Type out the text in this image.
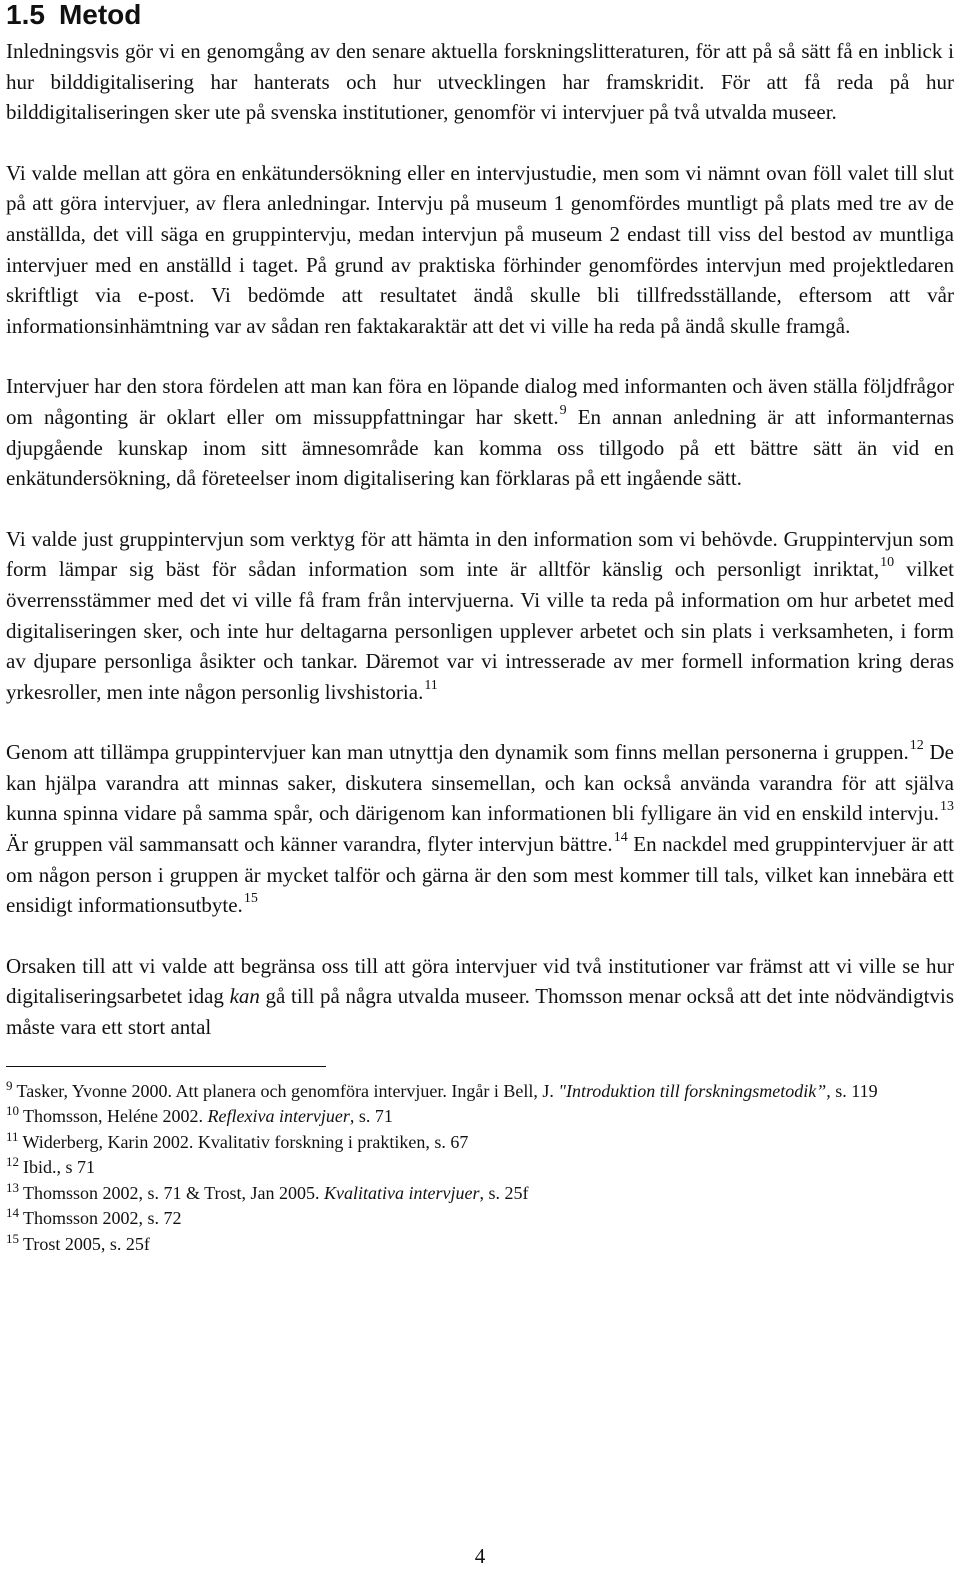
1.5 Metod

Inledningsvis gör vi en genomgång av den senare aktuella forskningslitteraturen, för att på så sätt få en inblick i hur bilddigitalisering har hanterats och hur utvecklingen har framskridit. För att få reda på hur bilddigitaliseringen sker ute på svenska institutioner, genomför vi intervjuer på två utvalda museer.

Vi valde mellan att göra en enkätundersökning eller en intervjustudie, men som vi nämnt ovan föll valet till slut på att göra intervjuer, av flera anledningar. Intervju på museum 1 genomfördes muntligt på plats med tre av de anställda, det vill säga en gruppintervju, medan intervjun på museum 2 endast till viss del bestod av muntliga intervjuer med en anställd i taget. På grund av praktiska förhinder genomfördes intervjun med projektledaren skriftligt via e-post. Vi bedömde att resultatet ändå skulle bli tillfredsställande, eftersom att vår informationsinhämtning var av sådan ren faktakaraktär att det vi ville ha reda på ändå skulle framgå.

Intervjuer har den stora fördelen att man kan föra en löpande dialog med informanten och även ställa följdfrågor om någonting är oklart eller om missuppfattningar har skett.$^9$ En annan anledning är att informanternas djupgående kunskap inom sitt ämnesområde kan komma oss tillgodo på ett bättre sätt än vid en enkätundersökning, då företeelser inom digitalisering kan förklaras på ett ingående sätt.

Vi valde just gruppintervjun som verktyg för att hämta in den information som vi behövde. Gruppintervjun som form lämpar sig bäst för sådan information som inte är alltför känslig och personligt inriktat,$^{10}$ vilket överrensstämmer med det vi ville få fram från intervjuerna. Vi ville ta reda på information om hur arbetet med digitaliseringen sker, och inte hur deltagarna personligen upplever arbetet och sin plats i verksamheten, i form av djupare personliga åsikter och tankar. Däremot var vi intresserade av mer formell information kring deras yrkesroller, men inte någon personlig livshistoria.$^{11}$

Genom att tillämpa gruppintervjuer kan man utnyttja den dynamik som finns mellan personerna i gruppen.$^{12}$ De kan hjälpa varandra att minnas saker, diskutera sinsemellan, och kan också använda varandra för att själva kunna spinna vidare på samma spår, och därigenom kan informationen bli fylligare än vid en enskild intervju.$^{13}$ Är gruppen väl sammansatt och känner varandra, flyter intervjun bättre.$^{14}$ En nackdel med gruppintervjuer är att om någon person i gruppen är mycket talför och gärna är den som mest kommer till tals, vilket kan innebära ett ensidigt informationsutbyte.$^{15}$

Orsaken till att vi valde att begränsa oss till att göra intervjuer vid två institutioner var främst att vi ville se hur digitaliseringsarbetet idag kan gå till på några utvalda museer. Thomsson menar också att det inte nödvändigtvis måste vara ett stort antal

$^9$ Tasker, Yvonne 2000. Att planera och genomföra intervjuer. Ingår i Bell, J. "Introduktion till forskningsmetodik”, s. 119

$^{10}$ Thomsson, Heléne 2002. Reflexiva intervjuer, s. 71

$^{11}$ Widerberg, Karin 2002. Kvalitativ forskning i praktiken, s. 67

$^{12}$ Ibid., s 71

$^{13}$ Thomsson 2002, s. 71 & Trost, Jan 2005. Kvalitativa intervjuer, s. 25f

$^{14}$ Thomsson 2002, s. 72

$^{15}$ Trost 2005, s. 25f

4
